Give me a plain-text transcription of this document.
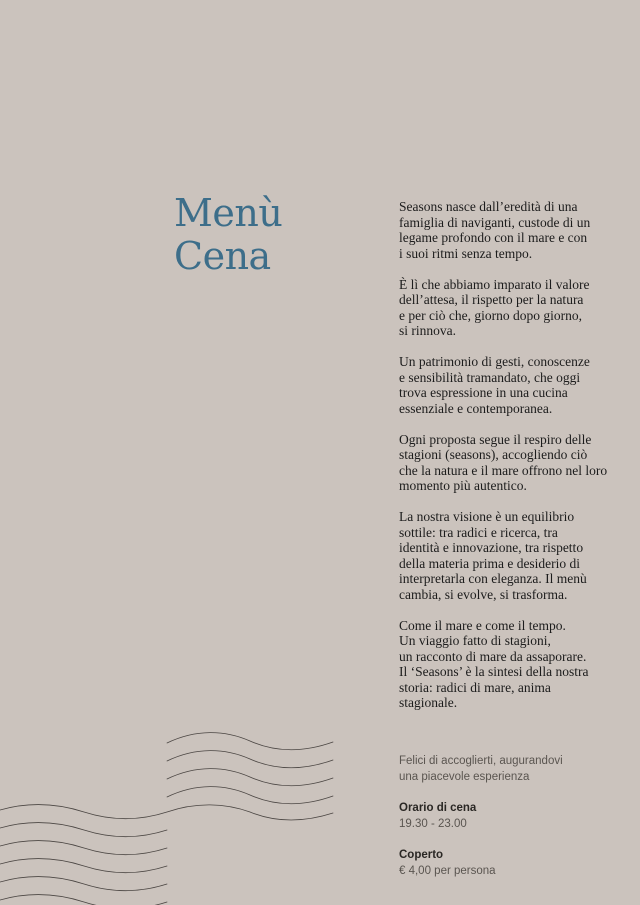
Menù
Cena

Seasons nasce dall’eredità di una
famiglia di naviganti, custode di un
legame profondo con il mare e con
i suoi ritmi senza tempo.

È lì che abbiamo imparato il valore
dell’attesa, il rispetto per la natura
e per ciò che, giorno dopo giorno,
si rinnova.

Un patrimonio di gesti, conoscenze
e sensibilità tramandato, che oggi
trova espressione in una cucina
essenziale e contemporanea.

Ogni proposta segue il respiro delle
stagioni (seasons), accogliendo ciò
che la natura e il mare offrono nel loro
momento più autentico.

La nostra visione è un equilibrio
sottile: tra radici e ricerca, tra
identità e innovazione, tra rispetto
della materia prima e desiderio di
interpretarla con eleganza. Il menù
cambia, si evolve, si trasforma.

Come il mare e come il tempo.
Un viaggio fatto di stagioni,
un racconto di mare da assaporare.
Il ‘Seasons’ è la sintesi della nostra
storia: radici di mare, anima
stagionale.

Felici di accoglierti, augurandovi
una piacevole esperienza
Orario di cena
19.30 - 23.00
Coperto
€ 4,00 per persona
